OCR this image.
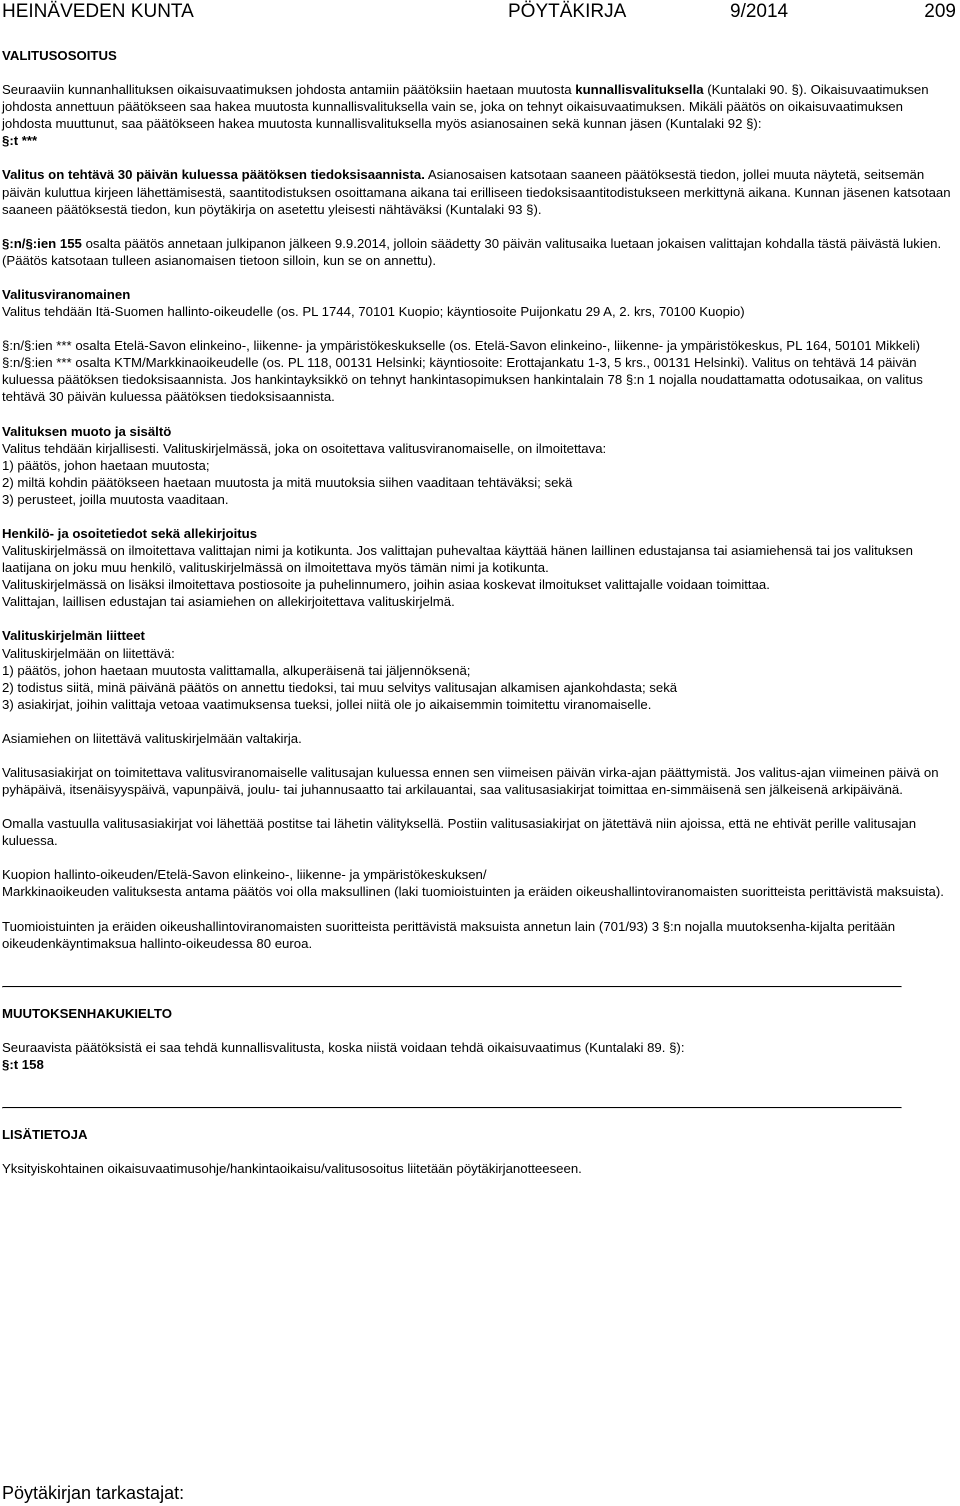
HEINÄVEDEN KUNTA	PÖYTÄKIRJA	9/2014	209

VALITUSOSOITUS

Seuraaviin kunnanhallituksen oikaisuvaatimuksen johdosta antamiin päätöksiin haetaan muutosta kunnallisvalituksella (Kuntalaki 90. §). Oikaisuvaatimuksen johdosta annettuun päätökseen saa hakea muutosta kunnallisvalituksella vain se, joka on tehnyt oikaisuvaatimuksen. Mikäli päätös on oikaisuvaatimuksen johdosta muuttunut, saa päätökseen hakea muutosta kunnallisvalituksella myös asianosainen sekä kunnan jäsen (Kuntalaki 92 §):

§:t ***

Valitus on tehtävä 30 päivän kuluessa päätöksen tiedoksisaannista. Asianosaisen katsotaan saaneen päätöksestä tiedon, jollei muuta näytetä, seitsemän päivän kuluttua kirjeen lähettämisestä, saantitodistuksen osoittamana aikana tai erilliseen tiedoksisaantitodistukseen merkittynä aikana. Kunnan jäsenen katsotaan saaneen päätöksestä tiedon, kun pöytäkirja on asetettu yleisesti nähtäväksi (Kuntalaki 93 §).

§:n/§:ien 155 osalta päätös annetaan julkipanon jälkeen 9.9.2014, jolloin säädetty 30 päivän valitusaika luetaan jokaisen valittajan kohdalla tästä päivästä lukien. (Päätös katsotaan tulleen asianomaisen tietoon silloin, kun se on annettu).

Valitusviranomainen

Valitus tehdään Itä-Suomen hallinto-oikeudelle (os. PL 1744, 70101 Kuopio; käyntiosoite Puijonkatu 29 A, 2. krs, 70100 Kuopio)

§:n/§:ien *** osalta Etelä-Savon elinkeino-, liikenne- ja ympäristökeskukselle (os. Etelä-Savon elinkeino-, liikenne- ja ympäristökeskus, PL 164, 50101 Mikkeli)

§:n/§:ien *** osalta KTM/Markkinaoikeudelle (os. PL 118, 00131 Helsinki; käyntiosoite: Erottajankatu 1-3, 5 krs., 00131 Helsinki). Valitus on tehtävä 14 päivän kuluessa päätöksen tiedoksisaannista. Jos hankintayksikkö on tehnyt hankintasopimuksen hankintalain 78 §:n 1 nojalla noudattamatta odotusaikaa, on valitus tehtävä 30 päivän kuluessa päätöksen tiedoksisaannista.

Valituksen muoto ja sisältö

Valitus tehdään kirjallisesti. Valituskirjelmässä, joka on osoitettava valitusviranomaiselle, on ilmoitettava:

1) päätös, johon haetaan muutosta;

2) miltä kohdin päätökseen haetaan muutosta ja mitä muutoksia siihen vaaditaan tehtäväksi; sekä

3) perusteet, joilla muutosta vaaditaan.

Henkilö- ja osoitetiedot sekä allekirjoitus

Valituskirjelmässä on ilmoitettava valittajan nimi ja kotikunta. Jos valittajan puhevaltaa käyttää hänen laillinen edustajansa tai asiamiehensä tai jos valituksen laatijana on joku muu henkilö, valituskirjelmässä on ilmoitettava myös tämän nimi ja kotikunta.

Valituskirjelmässä on lisäksi ilmoitettava postiosoite ja puhelinnumero, joihin asiaa koskevat ilmoitukset valittajalle voidaan toimittaa.

Valittajan, laillisen edustajan tai asiamiehen on allekirjoitettava valituskirjelmä.

Valituskirjelmän liitteet

Valituskirjelmään on liitettävä:

1) päätös, johon haetaan muutosta valittamalla, alkuperäisenä tai jäljennöksenä;

2) todistus siitä, minä päivänä päätös on annettu tiedoksi, tai muu selvitys valitusajan alkamisen ajankohdasta; sekä

3) asiakirjat, joihin valittaja vetoaa vaatimuksensa tueksi, jollei niitä ole jo aikaisemmin toimitettu viranomaiselle.

Asiamiehen on liitettävä valituskirjelmään valtakirja.

Valitusasiakirjat on toimitettava valitusviranomaiselle valitusajan kuluessa ennen sen viimeisen päivän virka-ajan päättymistä. Jos valitus-ajan viimeinen päivä on pyhäpäivä, itsenäisyyspäivä, vapunpäivä, joulu- tai juhannusaatto tai arkilauantai, saa valitusasiakirjat toimittaa en-simmäisenä sen jälkeisenä arkipäivänä.

Omalla vastuulla valitusasiakirjat voi lähettää postitse tai lähetin välityksellä. Postiin valitusasiakirjat on jätettävä niin ajoissa, että ne ehtivät perille valitusajan kuluessa.

Kuopion hallinto-oikeuden/Etelä-Savon elinkeino-, liikenne- ja ympäristökeskuksen/

Markkinaoikeuden valituksesta antama päätös voi olla maksullinen (laki tuomioistuinten ja eräiden oikeushallintoviranomaisten suoritteista perittävistä maksuista).

Tuomioistuinten ja eräiden oikeushallintoviranomaisten suoritteista perittävistä maksuista annetun lain (701/93) 3 §:n nojalla muutoksenha-kijalta peritään oikeudenkäyntimaksua hallinto-oikeudessa 80 euroa.

MUUTOKSENHAKUKIELTO

Seuraavista päätöksistä ei saa tehdä kunnallisvalitusta, koska niistä voidaan tehdä oikaisuvaatimus (Kuntalaki 89. §):

§:t 158

LISÄTIETOJA

Yksityiskohtainen oikaisuvaatimusohje/hankintaoikaisu/valitusosoitus liitetään pöytäkirjanotteeseen.

Pöytäkirjan tarkastajat:
